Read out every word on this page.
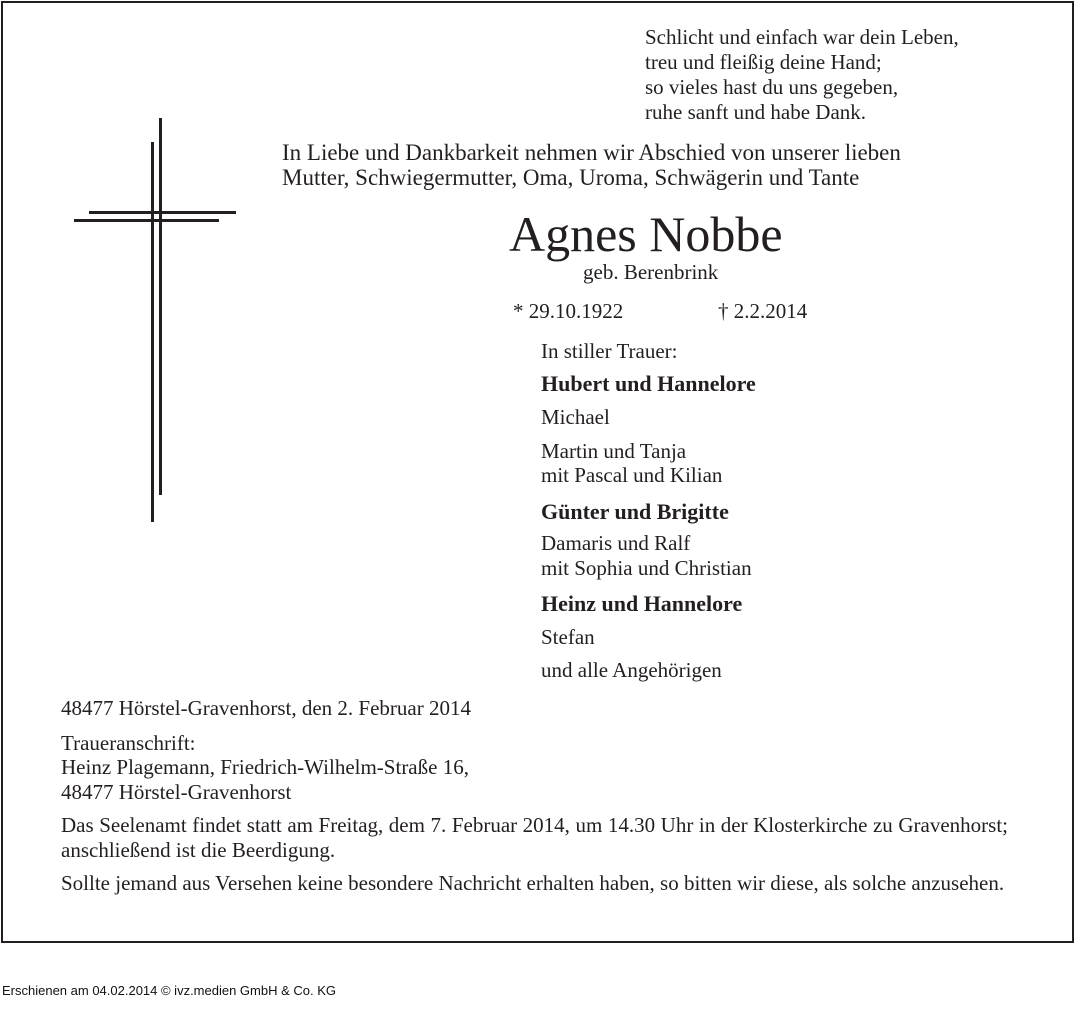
Schlicht und einfach war dein Leben,
treu und fleißig deine Hand;
so vieles hast du uns gegeben,
ruhe sanft und habe Dank.
In Liebe und Dankbarkeit nehmen wir Abschied von unserer lieben
Mutter, Schwiegermutter, Oma, Uroma, Schwägerin und Tante
Agnes Nobbe
geb. Berenbrink
* 29.10.1922	† 2.2.2014
In stiller Trauer:
Hubert und Hannelore
Michael
Martin und Tanja
mit Pascal und Kilian
Günter und Brigitte
Damaris und Ralf
mit Sophia und Christian
Heinz und Hannelore
Stefan
und alle Angehörigen
48477 Hörstel-Gravenhorst, den 2. Februar 2014
Traueranschrift:
Heinz Plagemann, Friedrich-Wilhelm-Straße 16,
48477 Hörstel-Gravenhorst
Das Seelenamt findet statt am Freitag, dem 7. Februar 2014, um 14.30 Uhr in der Klosterkirche zu Gravenhorst; anschließend ist die Beerdigung.
Sollte jemand aus Versehen keine besondere Nachricht erhalten haben, so bitten wir diese, als solche anzusehen.
Erschienen am 04.02.2014 © ivz.medien GmbH & Co. KG
